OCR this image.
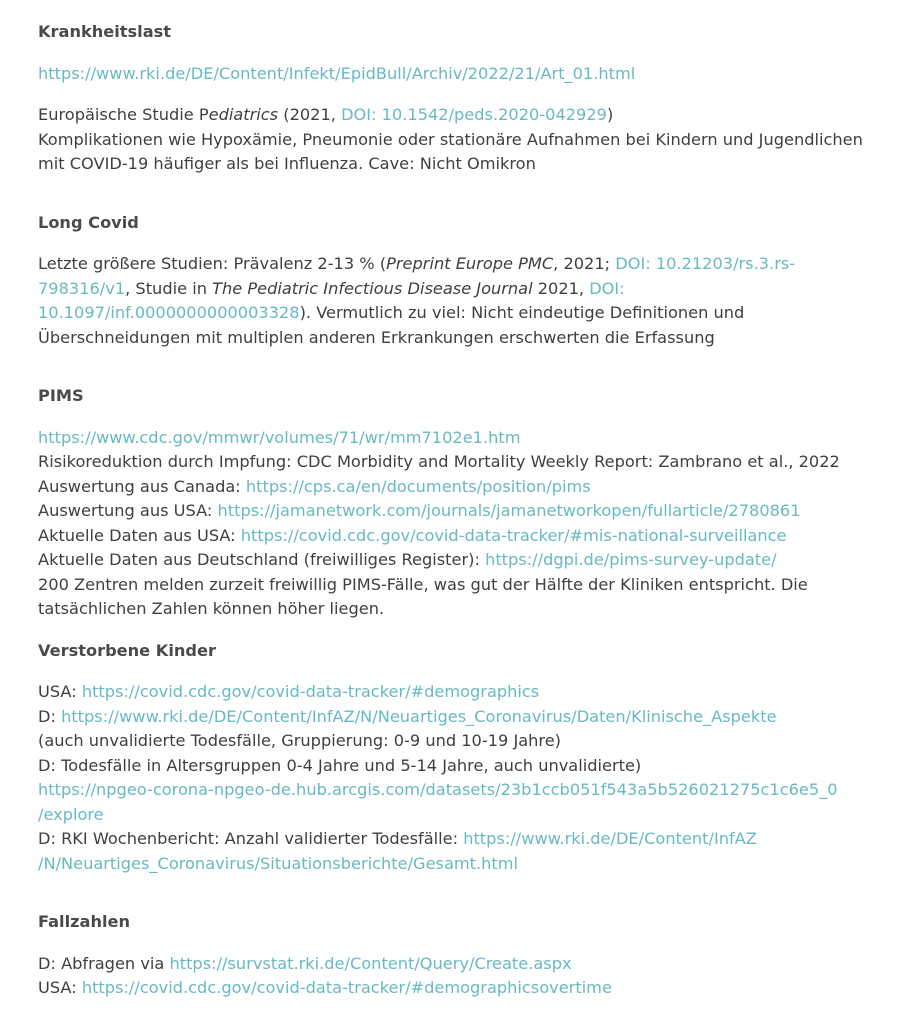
Krankheitslast

https://www.rki.de/DE/Content/Infekt/EpidBull/Archiv/2022/21/Art_01.html

Europäische Studie Pediatrics (2021, DOI: 10.1542/peds.2020-042929)
Komplikationen wie Hypoxämie, Pneumonie oder stationäre Aufnahmen bei Kindern und Jugendlichen mit COVID-19 häufiger als bei Influenza. Cave: Nicht Omikron

Long Covid

Letzte größere Studien: Prävalenz 2-13 % (Preprint Europe PMC, 2021; DOI: 10.21203/rs.3.rs-798316/v1, Studie in The Pediatric Infectious Disease Journal 2021, DOI: 10.1097/inf.0000000000003328). Vermutlich zu viel: Nicht eindeutige Definitionen und Überschneidungen mit multiplen anderen Erkrankungen erschwerten die Erfassung

PIMS

https://www.cdc.gov/mmwr/volumes/71/wr/mm7102e1.htm
Risikoreduktion durch Impfung: CDC Morbidity and Mortality Weekly Report: Zambrano et al., 2022
Auswertung aus Canada: https://cps.ca/en/documents/position/pims
Auswertung aus USA: https://jamanetwork.com/journals/jamanetworkopen/fullarticle/2780861
Aktuelle Daten aus USA: https://covid.cdc.gov/covid-data-tracker/#mis-national-surveillance
Aktuelle Daten aus Deutschland (freiwilliges Register): https://dgpi.de/pims-survey-update/
200 Zentren melden zurzeit freiwillig PIMS-Fälle, was gut der Hälfte der Kliniken entspricht. Die tatsächlichen Zahlen können höher liegen.

Verstorbene Kinder

USA: https://covid.cdc.gov/covid-data-tracker/#demographics
D: https://www.rki.de/DE/Content/InfAZ/N/Neuartiges_Coronavirus/Daten/Klinische_Aspekte
(auch unvalidierte Todesfälle, Gruppierung: 0-9 und 10-19 Jahre)
D: Todesfälle in Altersgruppen 0-4 Jahre und 5-14 Jahre, auch unvalidierte)
https://npgeo-corona-npgeo-de.hub.arcgis.com/datasets/23b1ccb051f543a5b526021275c1c6e5_0
/explore
D: RKI Wochenbericht: Anzahl validierter Todesfälle: https://www.rki.de/DE/Content/InfAZ
/N/Neuartiges_Coronavirus/Situationsberichte/Gesamt.html

Fallzahlen

D: Abfragen via https://survstat.rki.de/Content/Query/Create.aspx
USA: https://covid.cdc.gov/covid-data-tracker/#demographicsovertime
